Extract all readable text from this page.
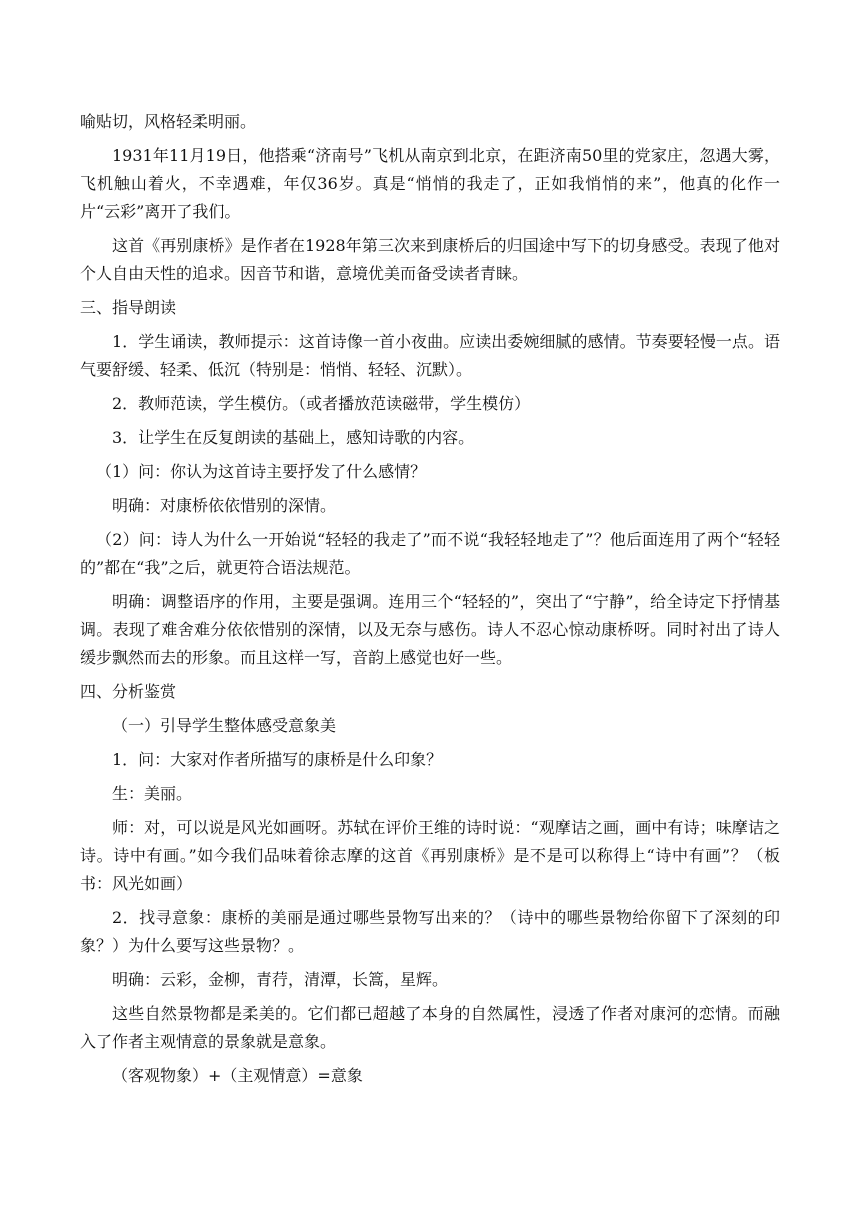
喻贴切，风格轻柔明丽。

1931年11月19日，他搭乘“济南号”飞机从南京到北京，在距济南50里的党家庄，忽遇大雾，飞机触山着火，不幸遇难，年仅36岁。真是“悄悄的我走了，正如我悄悄的来”，他真的化作一片“云彩”离开了我们。

这首《再别康桥》是作者在1928年第三次来到康桥后的归国途中写下的切身感受。表现了他对个人自由天性的追求。因音节和谐，意境优美而备受读者青睐。

三、指导朗读

1．学生诵读，教师提示：这首诗像一首小夜曲。应读出委婉细腻的感情。节奏要轻慢一点。语气要舒缓、轻柔、低沉（特别是：悄悄、轻轻、沉默）。

2．教师范读，学生模仿。（或者播放范读磁带，学生模仿）

3．让学生在反复朗读的基础上，感知诗歌的内容。

（1）问：你认为这首诗主要抒发了什么感情？

明确：对康桥依依惜别的深情。

（2）问：诗人为什么一开始说“轻轻的我走了”而不说“我轻轻地走了”？他后面连用了两个“轻轻的”都在“我”之后，就更符合语法规范。

明确：调整语序的作用，主要是强调。连用三个“轻轻的”，突出了“宁静”，给全诗定下抒情基调。表现了难舍难分依依惜别的深情，以及无奈与感伤。诗人不忍心惊动康桥呀。同时衬出了诗人缓步飘然而去的形象。而且这样一写，音韵上感觉也好一些。

四、分析鉴赏

（一）引导学生整体感受意象美

1．问：大家对作者所描写的康桥是什么印象？

生：美丽。

师：对，可以说是风光如画呀。苏轼在评价王维的诗时说：“观摩诘之画，画中有诗；味摩诘之诗。诗中有画。”如今我们品味着徐志摩的这首《再别康桥》是不是可以称得上“诗中有画”？（板书：风光如画）

2．找寻意象：康桥的美丽是通过哪些景物写出来的？（诗中的哪些景物给你留下了深刻的印象？）为什么要写这些景物？。

明确：云彩，金柳，青荇，清潭，长篙，星辉。

这些自然景物都是柔美的。它们都已超越了本身的自然属性，浸透了作者对康河的恋情。而融入了作者主观情意的景象就是意象。

（客观物象）+（主观情意）=意象
